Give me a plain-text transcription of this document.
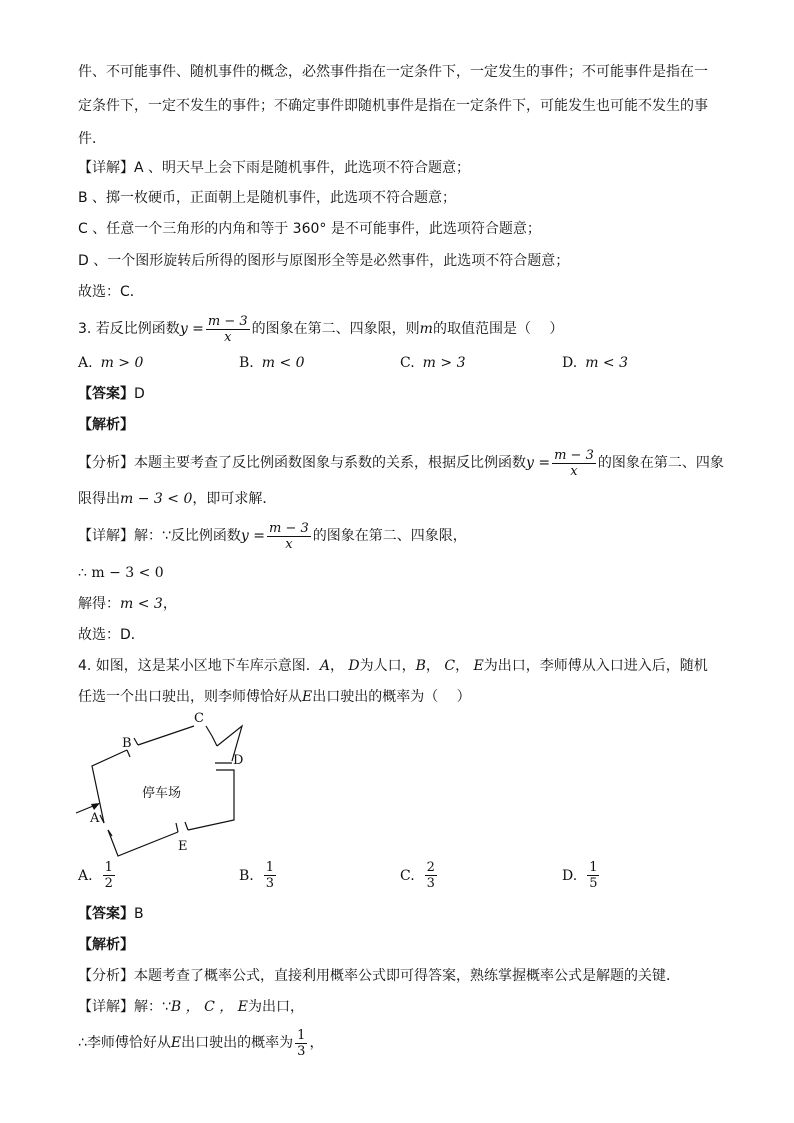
件、不可能事件、随机事件的概念，必然事件指在一定条件下，一定发生的事件；不可能事件是指在一
定条件下，一定不发生的事件；不确定事件即随机事件是指在一定条件下，可能发生也可能不发生的事
件．
【详解】A 、明天早上会下雨是随机事件，此选项不符合题意；
B 、掷一枚硬币，正面朝上是随机事件，此选项不符合题意；
C 、任意一个三角形的内角和等于 360° 是不可能事件，此选项符合题意；
D 、一个图形旋转后所得的图形与原图形全等是必然事件，此选项不符合题意；
故选：C．
3. 若反比例函数$y = \frac{m - 3}{x}$ 的图象在第二、四象限，则m的取值范围是（　 ）
A. m > 0	B. m < 0	C. m > 3	D. m < 3
【答案】D
【解析】
【分析】本题主要考查了反比例函数图象与系数的关系，根据反比例函数$y = \frac{m - 3}{x}$ 的图象在第二、四象
限得出m − 3 < 0，即可求解．
【详解】解：∵反比例函数$y = \frac{m - 3}{x}$ 的图象在第二、四象限，
∴ m − 3 < 0
解得：m < 3，
故选：D．
4. 如图，这是某小区地下车库示意图．A， D为人口，B， C， E为出口，李师傅从入口进入后，随机
任选一个出口驶出，则李师傅恰好从E出口驶出的概率为（　 ）
停车场
A
B
C
D
E
A. $\frac{1}{2}$	B. $\frac{1}{3}$	C. $\frac{2}{3}$	D. $\frac{1}{5}$
【答案】B
【解析】
【分析】本题考查了概率公式，直接利用概率公式即可得答案，熟练掌握概率公式是解题的关键．
【详解】解：∵B ， C ， E为出口，
∴李师傅恰好从E出口驶出的概率为 $\frac{1}{3}$ ，
